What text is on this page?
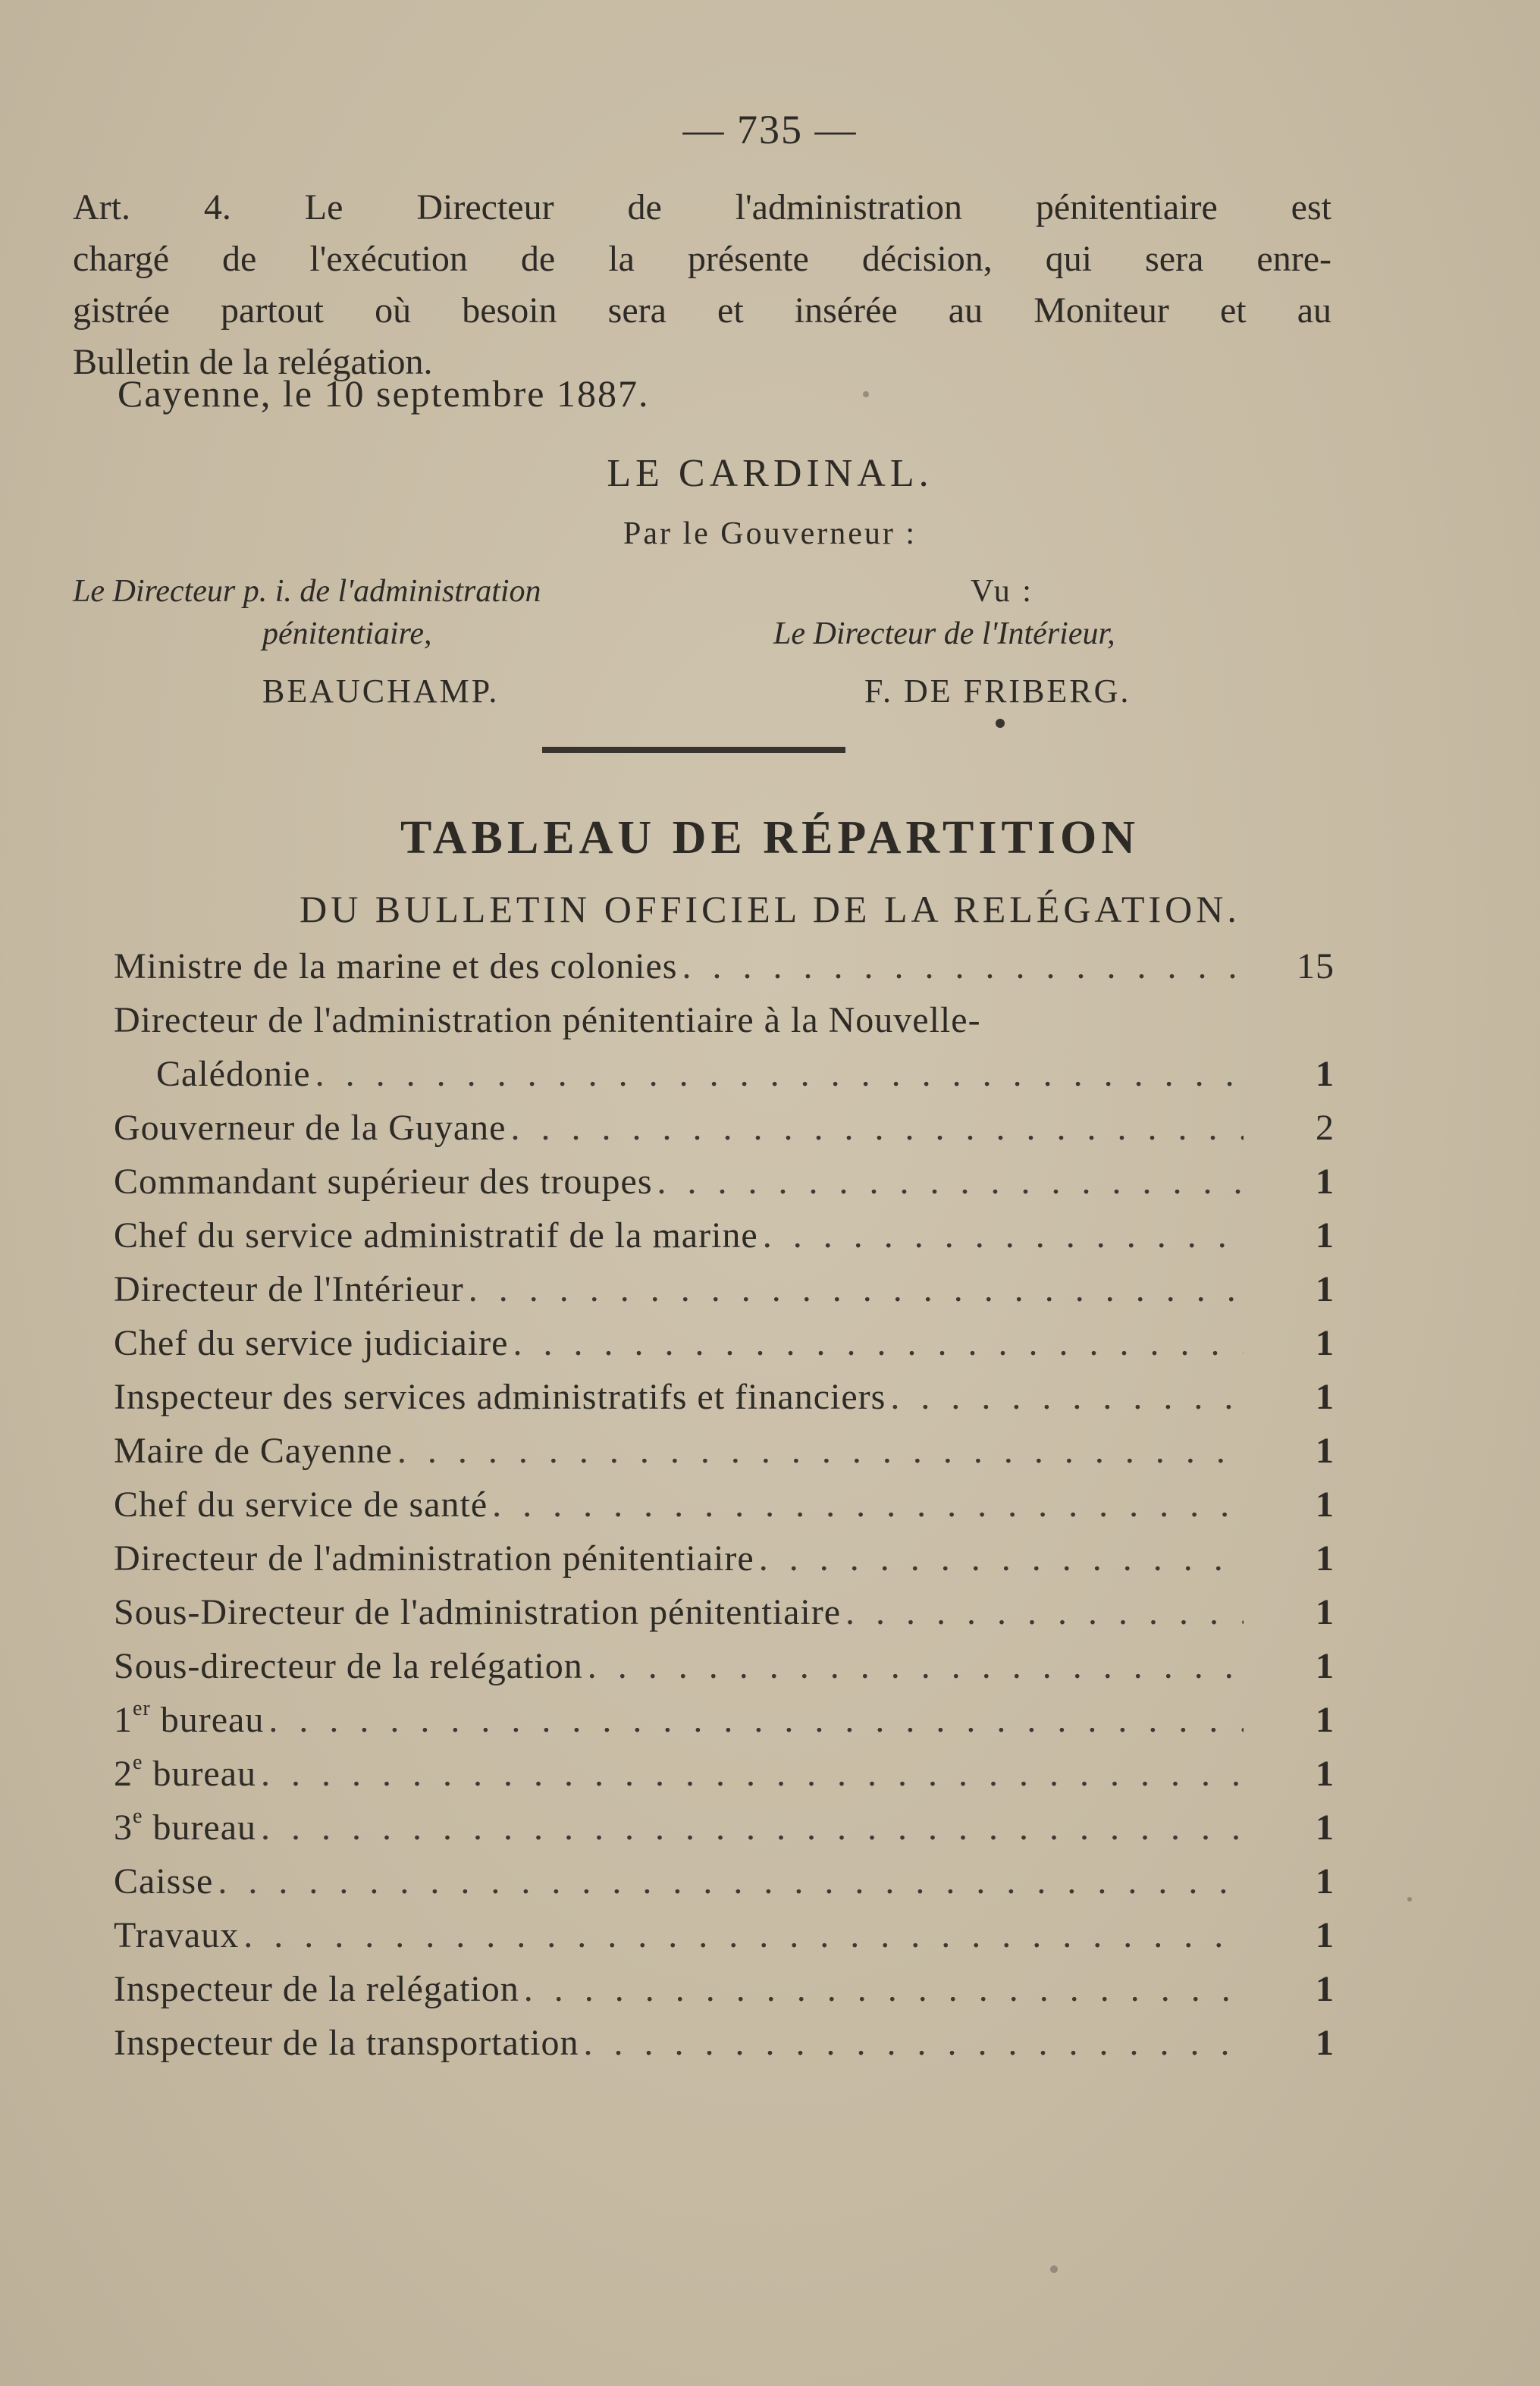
— 735 —

Art. 4. Le Directeur de l'administration pénitentiaire est

chargé de l'exécution de la présente décision, qui sera enre-

gistrée partout où besoin sera et insérée au Moniteur et au

Bulletin de la relégation.

Cayenne, le 10 septembre 1887.
LE CARDINAL.
Par le Gouverneur :
Le Directeur p. i. de l'administration
pénitentiaire,
BEAUCHAMP.
Vu :
Le Directeur de l'Intérieur,
F. DE FRIBERG.
TABLEAU DE RÉPARTITION
DU BULLETIN OFFICIEL DE LA RELÉGATION.
Ministre de la marine et des colonies . . .	15
Directeur de l'administration pénitentiaire à la Nouvelle-
Calédonie . . .	1
Gouverneur de la Guyane . . .	2
Commandant supérieur des troupes . . .	1
Chef du service administratif de la marine . . .	1
Directeur de l'Intérieur . . .	1
Chef du service judiciaire . . .	1
Inspecteur des services administratifs et financiers . . .	1
Maire de Cayenne . . .	1
Chef du service de santé . . .	1
Directeur de l'administration pénitentiaire . . .	1
Sous-Directeur de l'administration pénitentiaire . . .	1
Sous-directeur de la relégation . . .	1
1er bureau . . .	1
2e bureau . . .	1
3e bureau . . .	1
Caisse . . .	1
Travaux . . .	1
Inspecteur de la relégation . . .	1
Inspecteur de la transportation . . .	1
